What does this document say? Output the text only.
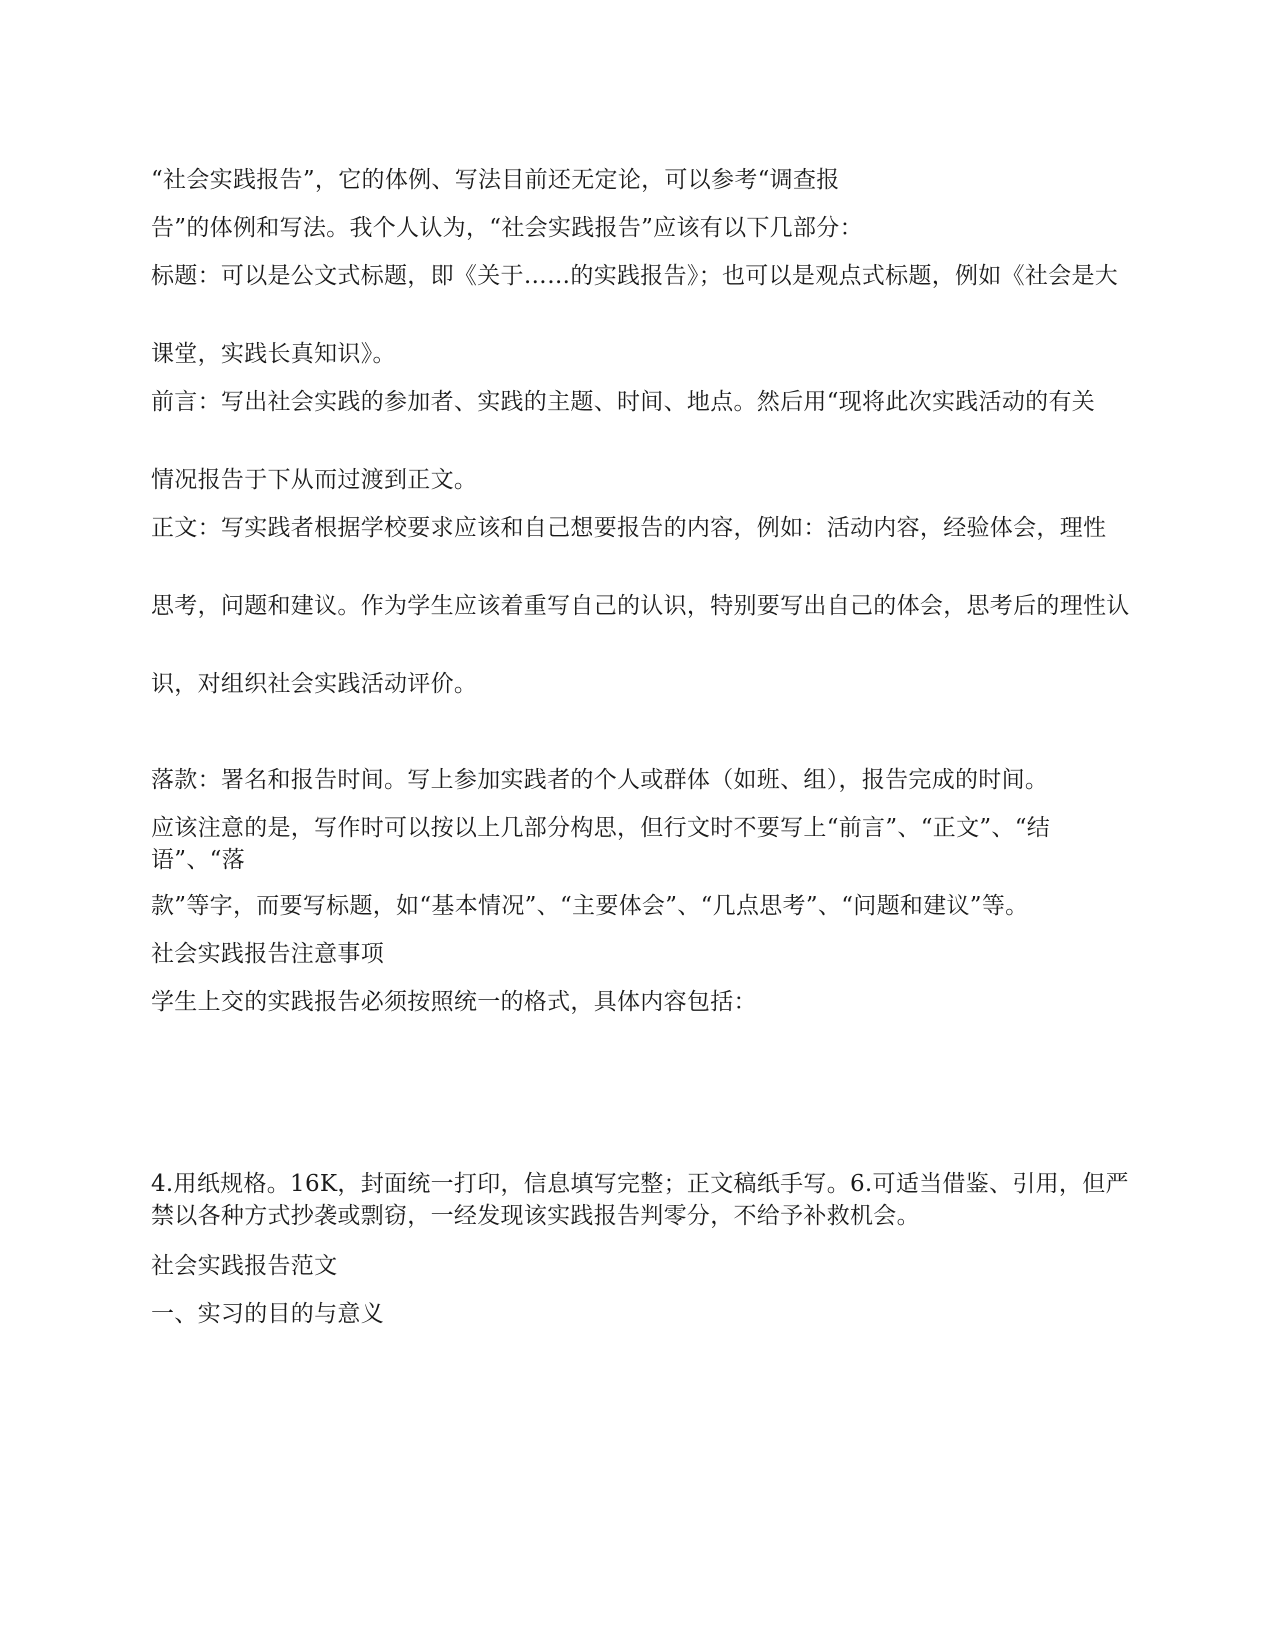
“社会实践报告”，它的体例、写法目前还无定论，可以参考“调查报
告”的体例和写法。我个人认为，“社会实践报告”应该有以下几部分：
标题：可以是公文式标题，即《关于……的实践报告》；也可以是观点式标题，例如《社会是大
课堂，实践长真知识》。
前言：写出社会实践的参加者、实践的主题、时间、地点。然后用“现将此次实践活动的有关
情况报告于下从而过渡到正文。
正文：写实践者根据学校要求应该和自己想要报告的内容，例如：活动内容，经验体会，理性
思考，问题和建议。作为学生应该着重写自己的认识，特别要写出自己的体会，思考后的理性认
识，对组织社会实践活动评价。
落款：署名和报告时间。写上参加实践者的个人或群体（如班、组），报告完成的时间。
应该注意的是，写作时可以按以上几部分构思，但行文时不要写上“前言”、“正文”、“结语”、“落
款”等字，而要写标题，如“基本情况”、“主要体会”、“几点思考”、“问题和建议”等。
社会实践报告注意事项
学生上交的实践报告必须按照统一的格式，具体内容包括：
4.用纸规格。16K，封面统一打印，信息填写完整；正文稿纸手写。6.可适当借鉴、引用，但严禁以各种方式抄袭或剽窃，一经发现该实践报告判零分，不给予补救机会。
社会实践报告范文
一、实习的目的与意义
